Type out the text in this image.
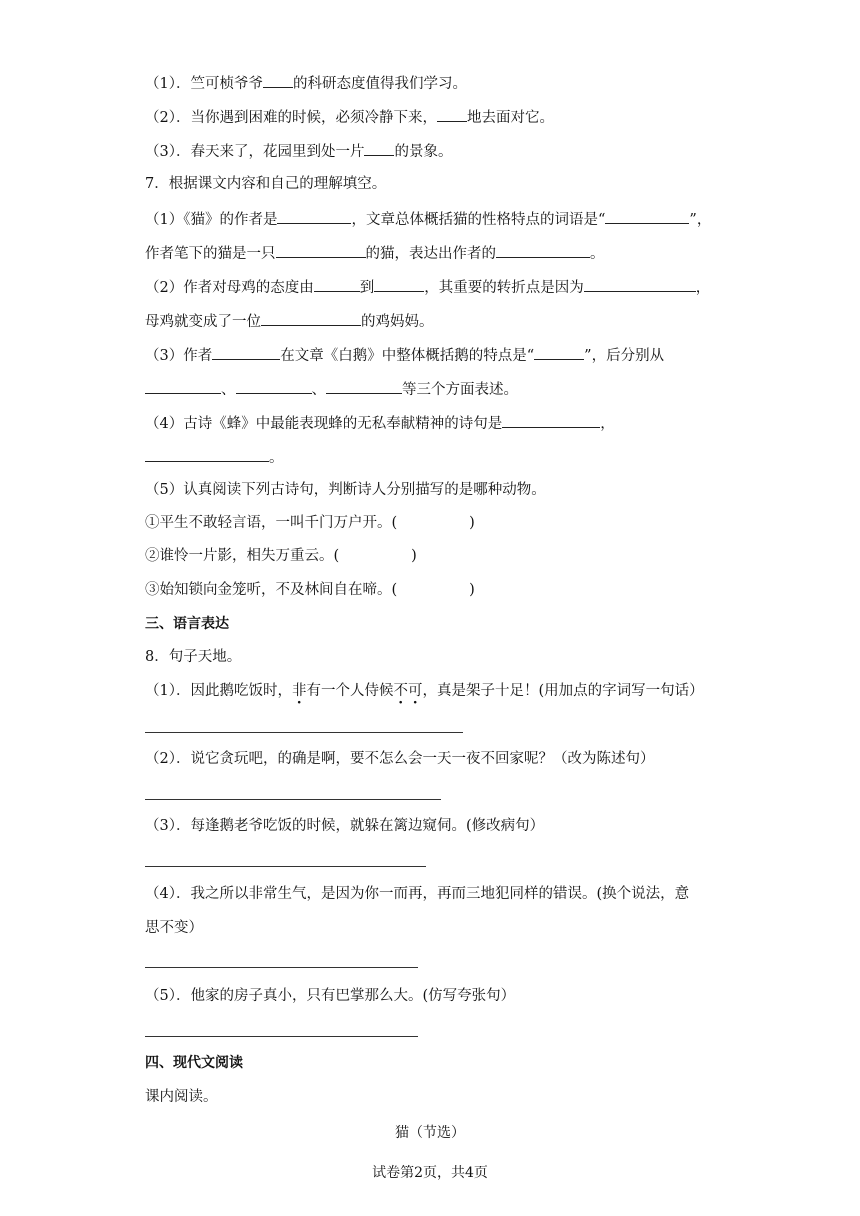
（1）．竺可桢爷爷 的科研态度值得我们学习。
（2）．当你遇到困难的时候，必须冷静下来， 地去面对它。
（3）．春天来了，花园里到处一片 的景象。
7．根据课文内容和自己的理解填空。
（1）《猫》的作者是	，文章总体概括猫的性格特点的词语是“	”，
作者笔下的猫是一只	的猫，表达出作者的	。
（2）作者对母鸡的态度由	到	，其重要的转折点是因为	，
母鸡就变成了一位	的鸡妈妈。
（3）作者	在文章《白鹅》中整体概括鹅的特点是“	”，后分别从
、	、	等三个方面表述。
（4）古诗《蜂》中最能表现蜂的无私奉献精神的诗句是	，
。
（5）认真阅读下列古诗句，判断诗人分别描写的是哪种动物。
①平生不敢轻言语，一叫千门万户开。(	)
②谁怜一片影，相失万重云。(	)
③始知锁向金笼听，不及林间自在啼。(	)
三、语言表达
8．句子天地。
（1）．因此鹅吃饭时，非有一个人侍候不可，真是架子十足！(用加点的字词写一句话）
（2）．说它贪玩吧，的确是啊，要不怎么会一天一夜不回家呢？（改为陈述句）
（3）．每逢鹅老爷吃饭的时候，就躲在篱边窥伺。(修改病句）
（4）．我之所以非常生气，是因为你一而再，再而三地犯同样的错误。(换个说法，意
思不变）
（5）．他家的房子真小，只有巴掌那么大。(仿写夸张句）
四、现代文阅读
课内阅读。
猫（节选）
试卷第2页，共4页
